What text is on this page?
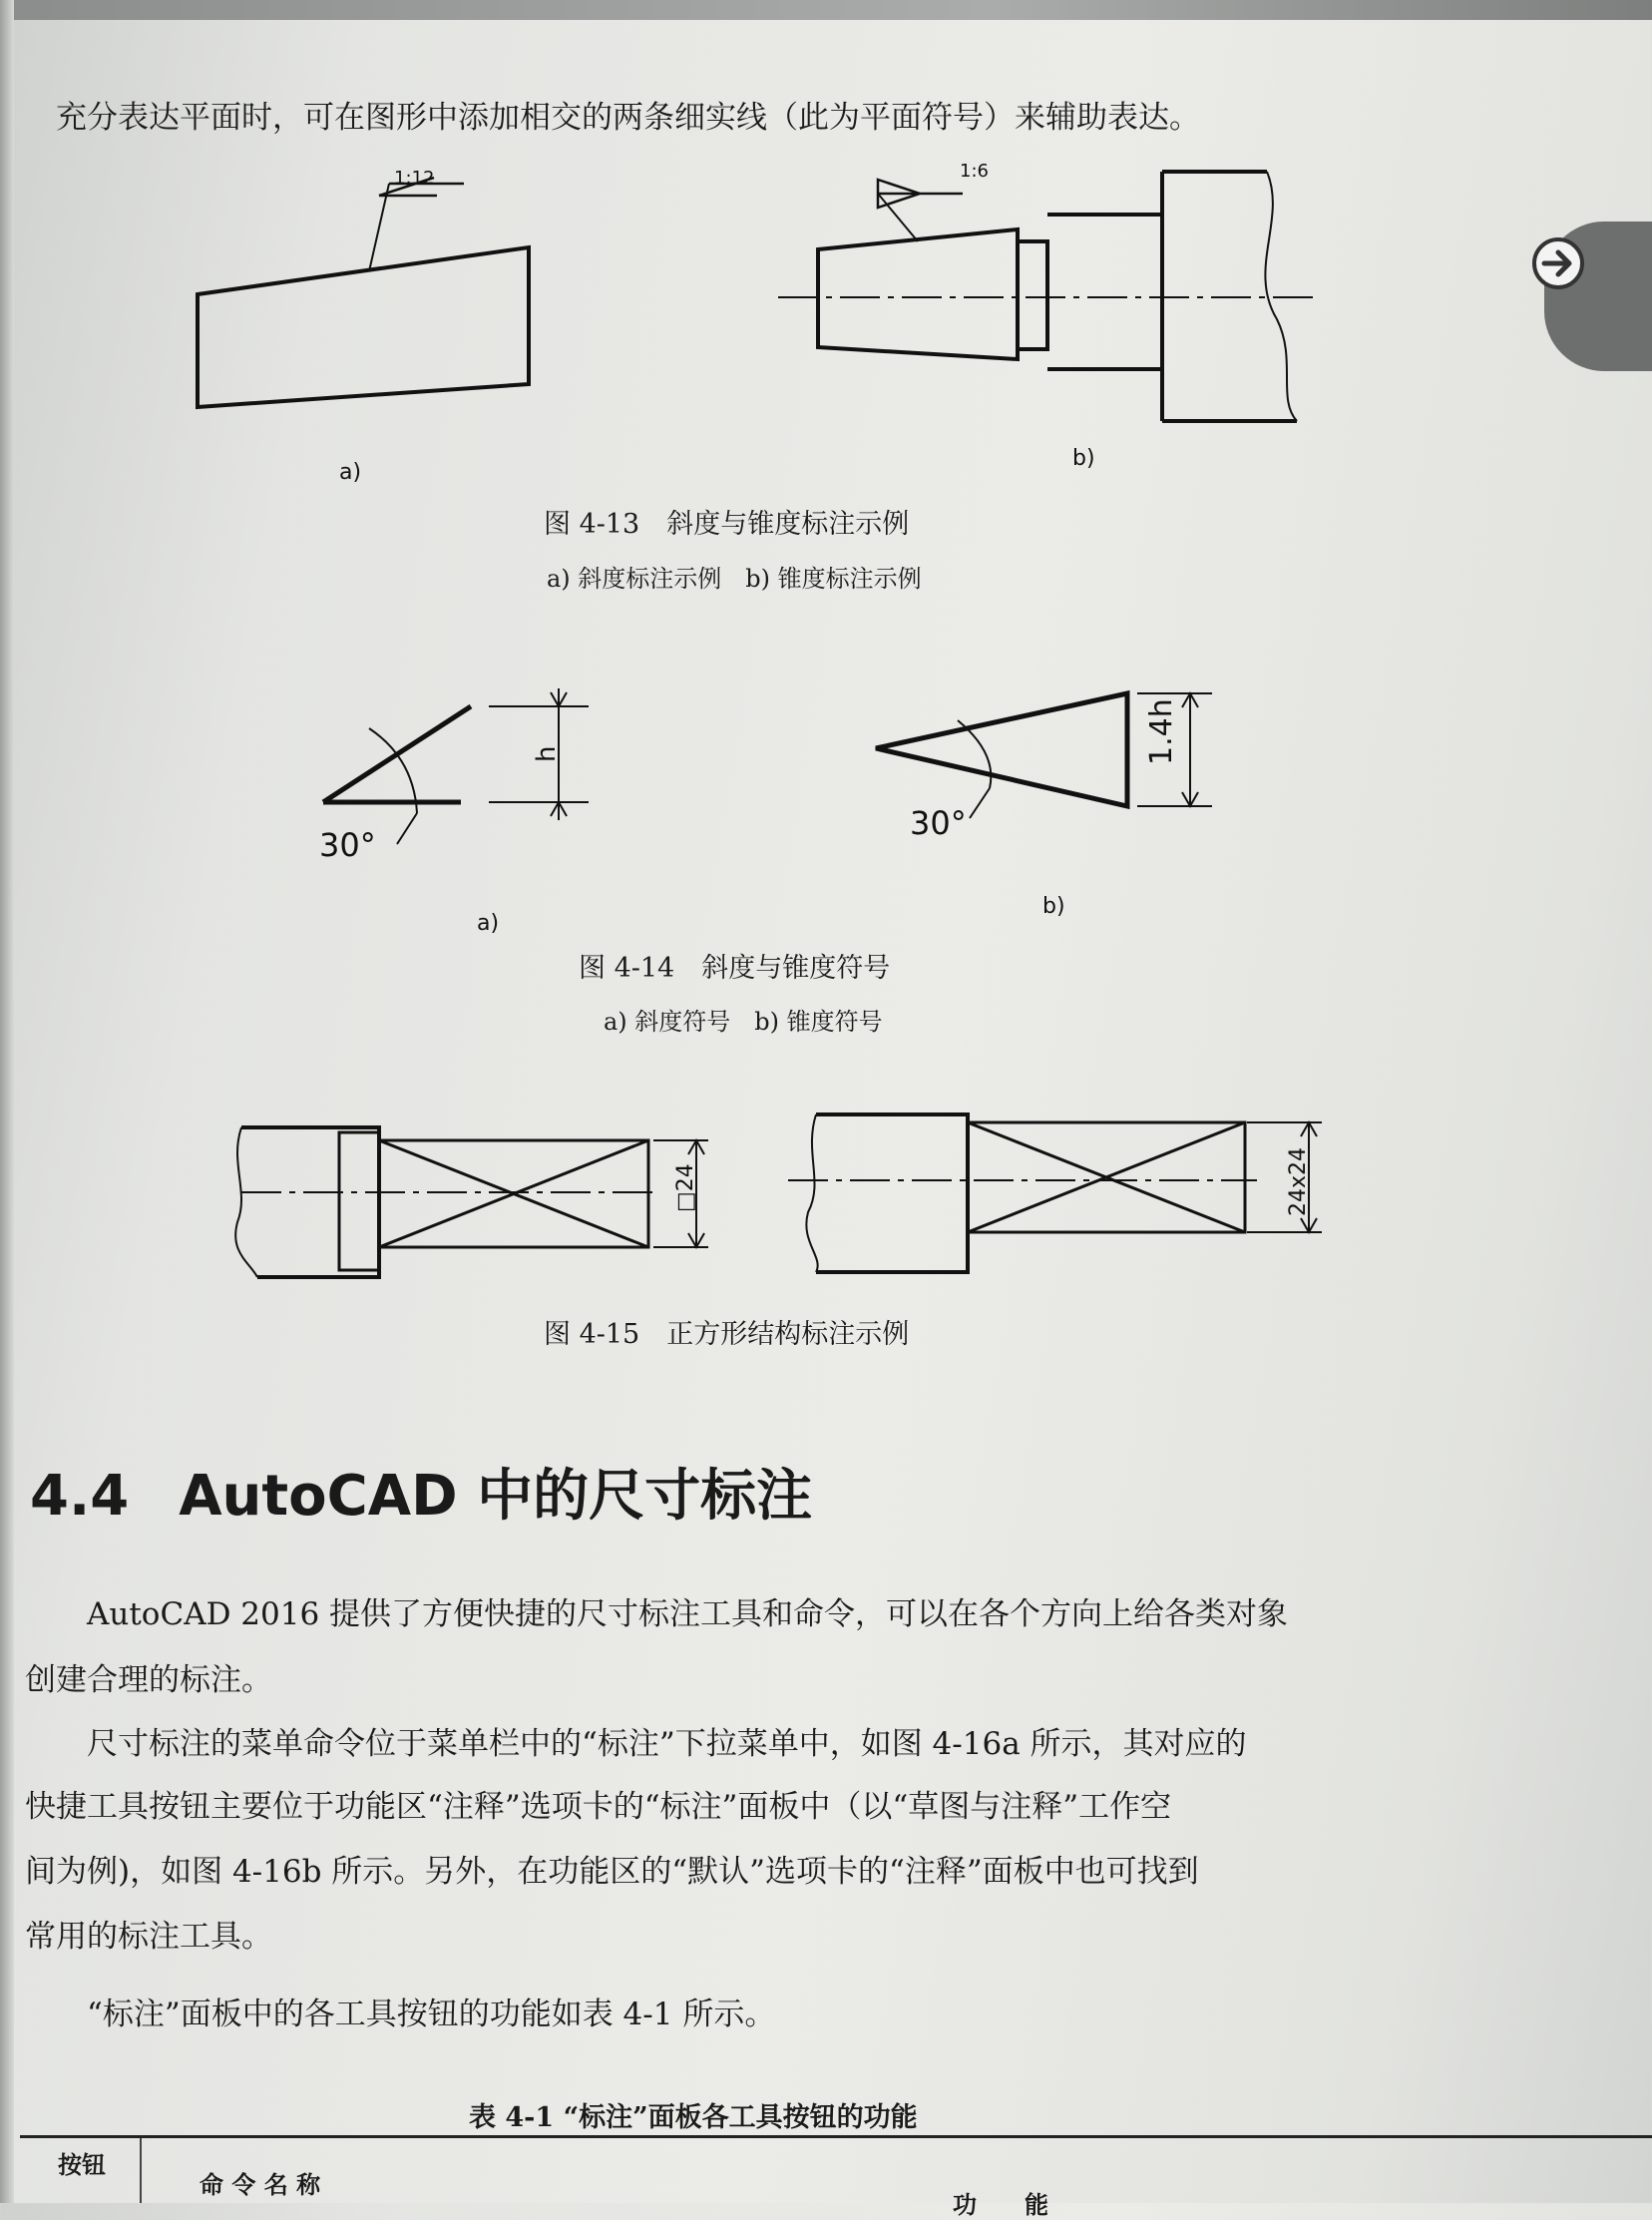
充分表达平面时，可在图形中添加相交的两条细实线（此为平面符号）来辅助表达。
1:12
a)
1:6
b)
图 4-13　斜度与锥度标注示例
a) 斜度标注示例　b) 锥度标注示例
30°
h
a)
30°
1.4h
b)
图 4-14　斜度与锥度符号
a) 斜度符号　b) 锥度符号
□24	24x24
图 4-15　正方形结构标注示例
4.4 AutoCAD 中的尺寸标注
　　AutoCAD 2016 提供了方便快捷的尺寸标注工具和命令，可以在各个方向上给各类对象
创建合理的标注。
　　尺寸标注的菜单命令位于菜单栏中的“标注”下拉菜单中，如图 4-16a 所示，其对应的
快捷工具按钮主要位于功能区“注释”选项卡的“标注”面板中（以“草图与注释”工作空
间为例)，如图 4-16b 所示。另外，在功能区的“默认”选项卡的“注释”面板中也可找到
常用的标注工具。
　　“标注”面板中的各工具按钮的功能如表 4-1 所示。
表 4-1 “标注”面板各工具按钮的功能
按钮
命 令 名 称
功　　能
